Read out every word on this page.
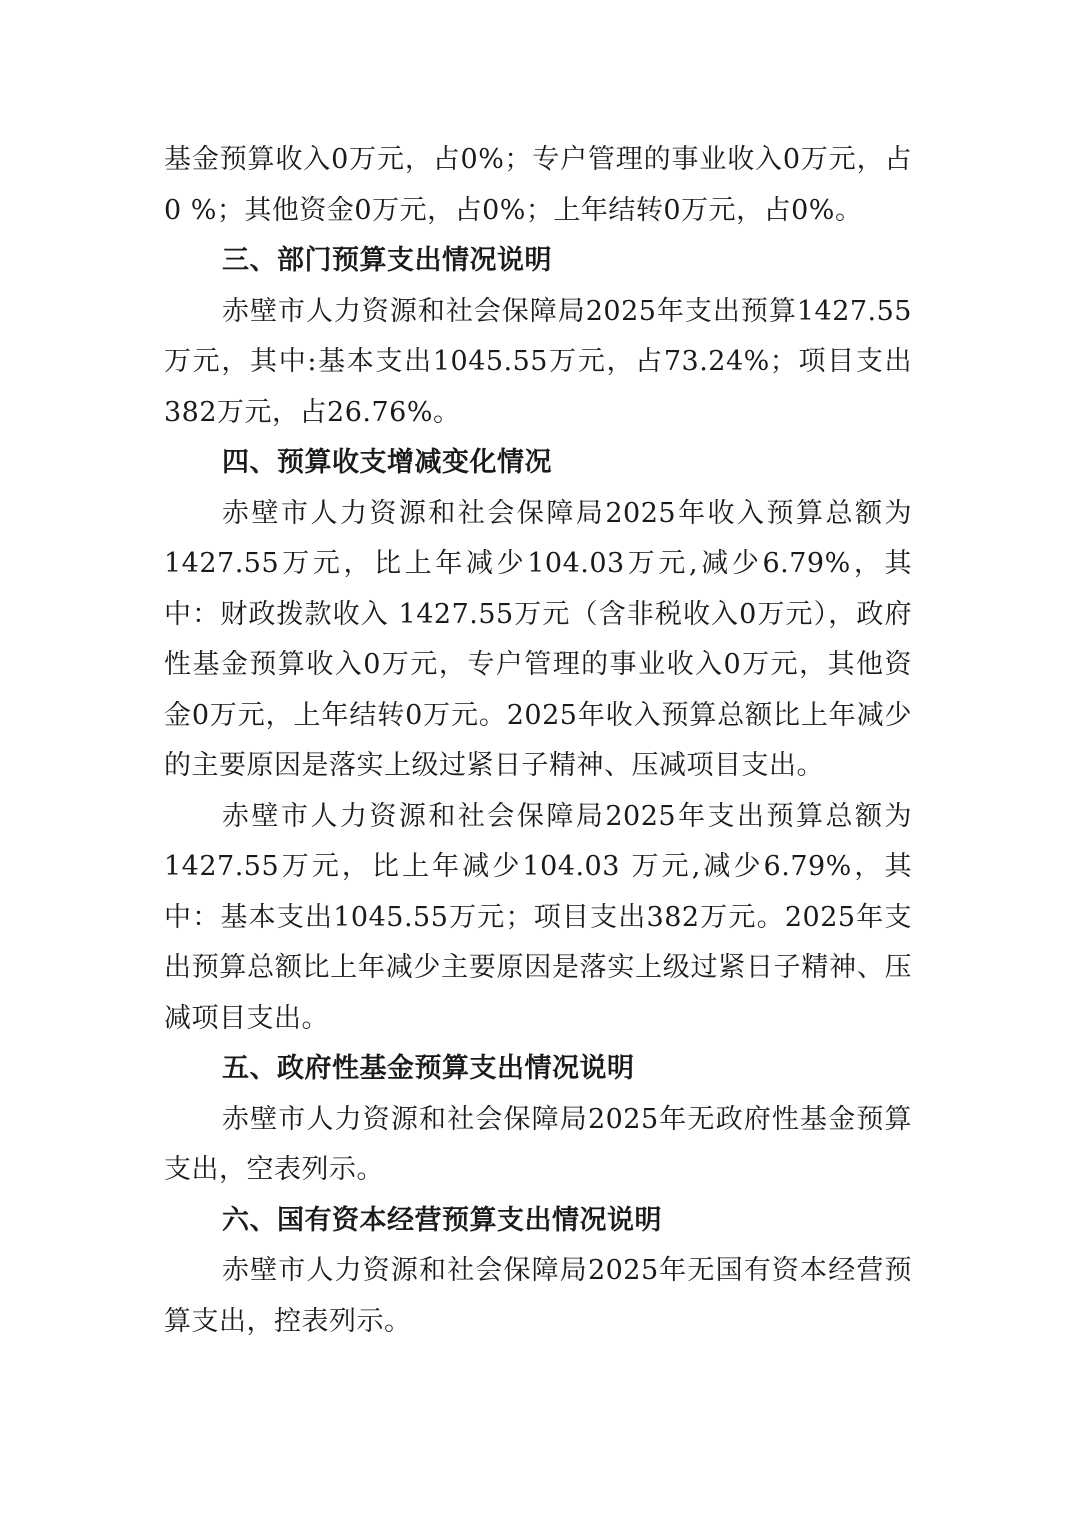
基金预算收入0万元，占0%；专户管理的事业收入0万元，占0 %；其他资金0万元，占0%；上年结转0万元，占0%。

三、部门预算支出情况说明

赤壁市人力资源和社会保障局2025年支出预算1427.55万元，其中:基本支出1045.55万元，占73.24%；项目支出382万元，占26.76%。

四、预算收支增减变化情况

赤壁市人力资源和社会保障局2025年收入预算总额为1427.55万元，比上年减少104.03万元,减少6.79%，其中：财政拨款收入 1427.55万元（含非税收入0万元），政府性基金预算收入0万元，专户管理的事业收入0万元，其他资金0万元，上年结转0万元。2025年收入预算总额比上年减少的主要原因是落实上级过紧日子精神、压减项目支出。

赤壁市人力资源和社会保障局2025年支出预算总额为1427.55万元，比上年减少104.03 万元,减少6.79%，其中：基本支出1045.55万元；项目支出382万元。2025年支出预算总额比上年减少主要原因是落实上级过紧日子精神、压减项目支出。

五、政府性基金预算支出情况说明

赤壁市人力资源和社会保障局2025年无政府性基金预算支出，空表列示。

六、国有资本经营预算支出情况说明

赤壁市人力资源和社会保障局2025年无国有资本经营预算支出，控表列示。
